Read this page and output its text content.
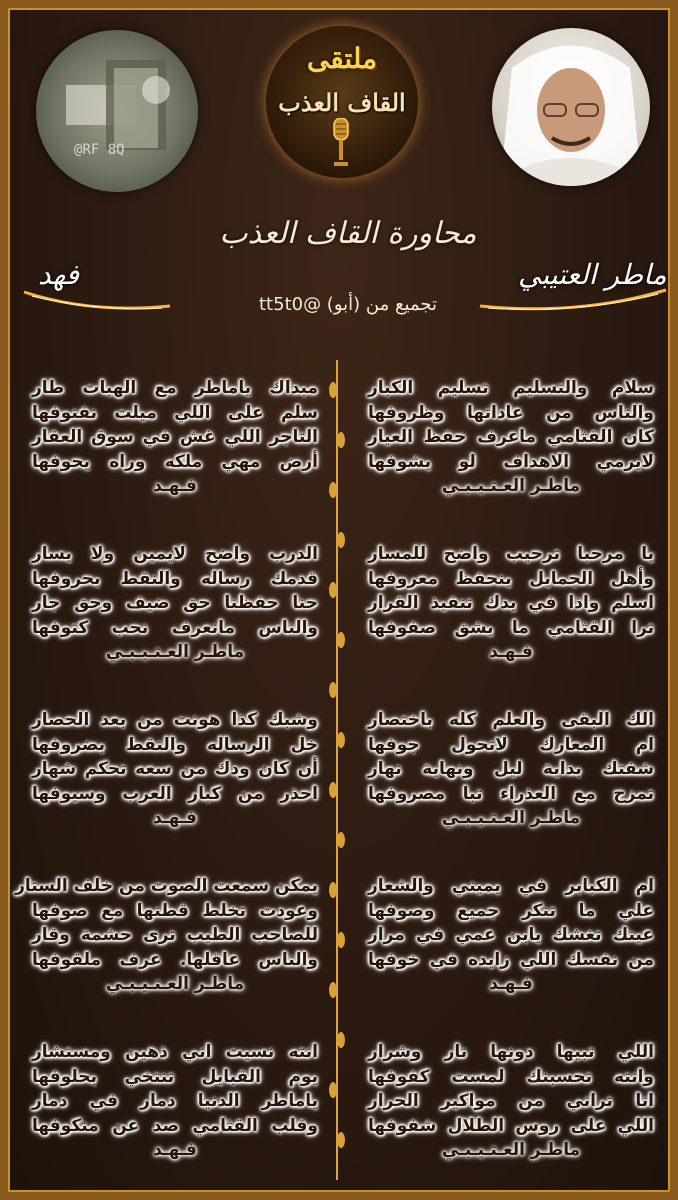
RF 8Q@
ملتقى
القاف العذب
محاورة القاف العذب
تجميع من (أبو) @tt5t0
فهد	ماطر العتيبي
سلام والتسليم تسليم الكبار
والناس من عاداتها وظروفها
كان القثامي ماعرف حفظ العيار
لايرمي الاهداف لو يشوفها
ماطـر العـتـيـبـي
يا مرحبا ترحيب واضح للمسار
وأهل الجمايل ينحفظ معروفها
اسلم واذا في يدك تنفيذ القرار
ترا القثامي ما يشق صفوفها
فـهـد
الك البقى والعلم كله باختصار
ام المعارك لاتحول جوفها
شفتك بداية ليل ونهاية نهار
تمزح مع العذراء تبا مصروفها
ماطـر العـتـيـبـي
ام الكبابر في يميني والشعار
علي ما تنكر جميع وصوفها
عينك تغشك يابن عمي في مرار
من نفسك اللي زايده في خوفها
فـهـد
اللي تبيها دونها نار وشرار
وانته تحسبنك لمست كفوفها
انا تراني من مواكير الحرار
اللي على روس الطلال شفوفها
ماطـر العـتـيـبـي
مبداك ياماطر مع الهبات طار
سلم على اللي ميلت نفنوفها
التاجر اللي غش في سوق العقار
أرض مهي ملكه وراه يحوفها
فـهـد
الدرب واضح لايمين ولا يسار
قدمك رساله والنقط بحروفها
حنا حفظنا حق ضيف وحق جار
والناس مانعرف نحب كتوفها
ماطـر العـتـيـبـي
وشبك كذا هونت من بعد الحصار
خل الرساله والنقط بضروفها
أن كان ودك من سعه تحكم شهار
احذر من كبار العرب وسيوفها
فـهـد
يمكن سمعت الصوت من خلف الستار
وعودت تخلط قطنها مع صوفها
للصاحب الطيب ترى حشمة وقار
والناس عاقلها. عرف ملقوفها
ماطـر العـتـيـبـي
انته نسيت اني ذهين ومستشار
يوم القبايل تنتخي بحلوفها
ياماطر الدنيا دمار في دمار
وقلب القثامي صد عن منكوفها
فـهـد
